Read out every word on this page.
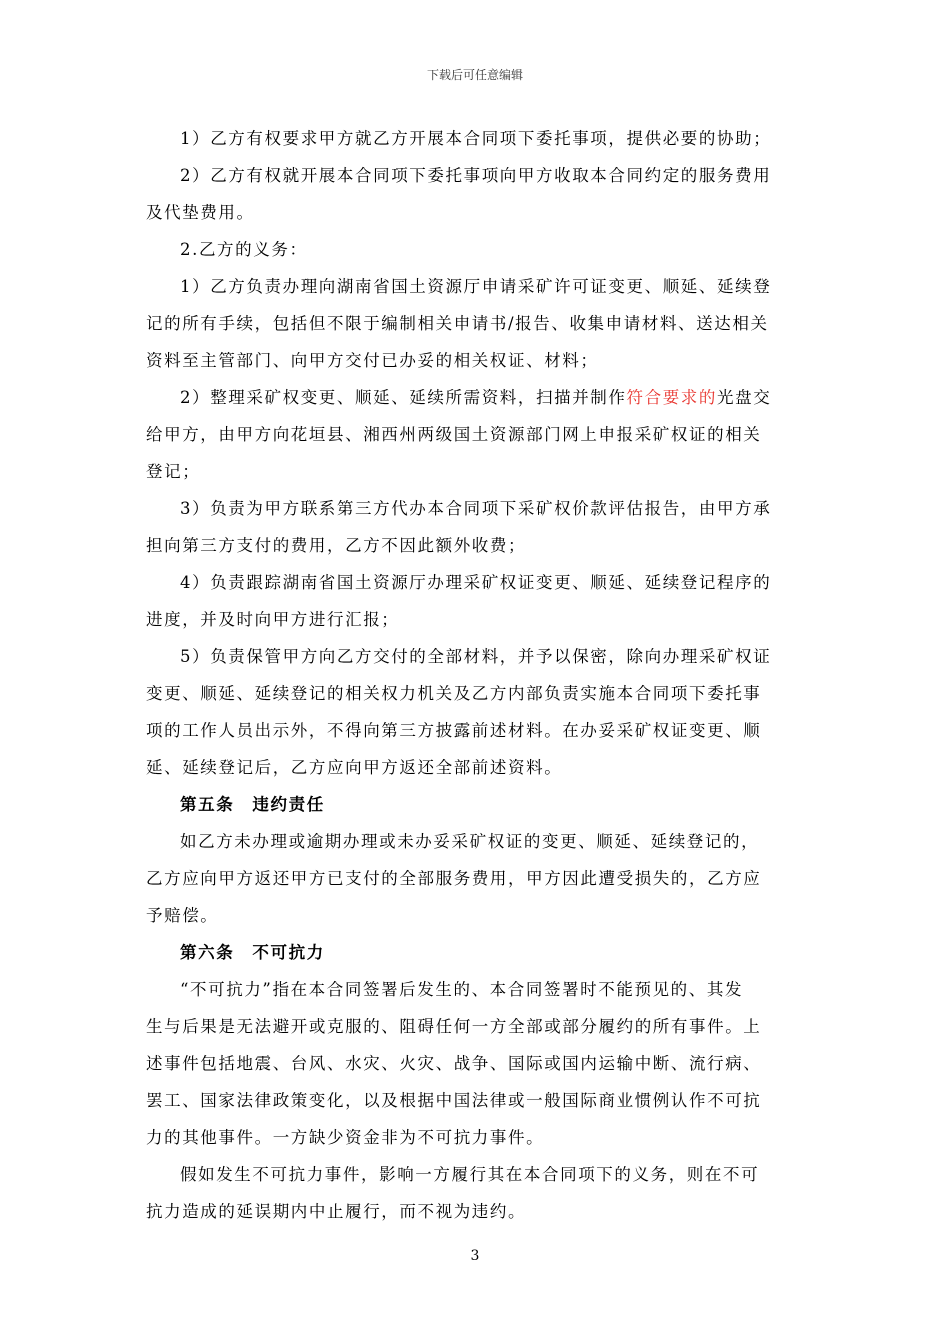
下载后可任意编辑
1）乙方有权要求甲方就乙方开展本合同项下委托事项，提供必要的协助；
2）乙方有权就开展本合同项下委托事项向甲方收取本合同约定的服务费用
及代垫费用。
2.乙方的义务：
1）乙方负责办理向湖南省国土资源厅申请采矿许可证变更、顺延、延续登
记的所有手续，包括但不限于编制相关申请书/报告、收集申请材料、送达相关
资料至主管部门、向甲方交付已办妥的相关权证、材料；
2）整理采矿权变更、顺延、延续所需资料，扫描并制作符合要求的光盘交
给甲方，由甲方向花垣县、湘西州两级国土资源部门网上申报采矿权证的相关
登记；
3）负责为甲方联系第三方代办本合同项下采矿权价款评估报告，由甲方承
担向第三方支付的费用，乙方不因此额外收费；
4）负责跟踪湖南省国土资源厅办理采矿权证变更、顺延、延续登记程序的
进度，并及时向甲方进行汇报；
5）负责保管甲方向乙方交付的全部材料，并予以保密，除向办理采矿权证
变更、顺延、延续登记的相关权力机关及乙方内部负责实施本合同项下委托事
项的工作人员出示外，不得向第三方披露前述材料。在办妥采矿权证变更、顺
延、延续登记后，乙方应向甲方返还全部前述资料。
第五条　违约责任
如乙方未办理或逾期办理或未办妥采矿权证的变更、顺延、延续登记的，
乙方应向甲方返还甲方已支付的全部服务费用，甲方因此遭受损失的，乙方应
予赔偿。
第六条　不可抗力
“不可抗力”指在本合同签署后发生的、本合同签署时不能预见的、其发
生与后果是无法避开或克服的、阻碍任何一方全部或部分履约的所有事件。上
述事件包括地震、台风、水灾、火灾、战争、国际或国内运输中断、流行病、
罢工、国家法律政策变化，以及根据中国法律或一般国际商业惯例认作不可抗
力的其他事件。一方缺少资金非为不可抗力事件。
假如发生不可抗力事件，影响一方履行其在本合同项下的义务，则在不可
抗力造成的延误期内中止履行，而不视为违约。
3
